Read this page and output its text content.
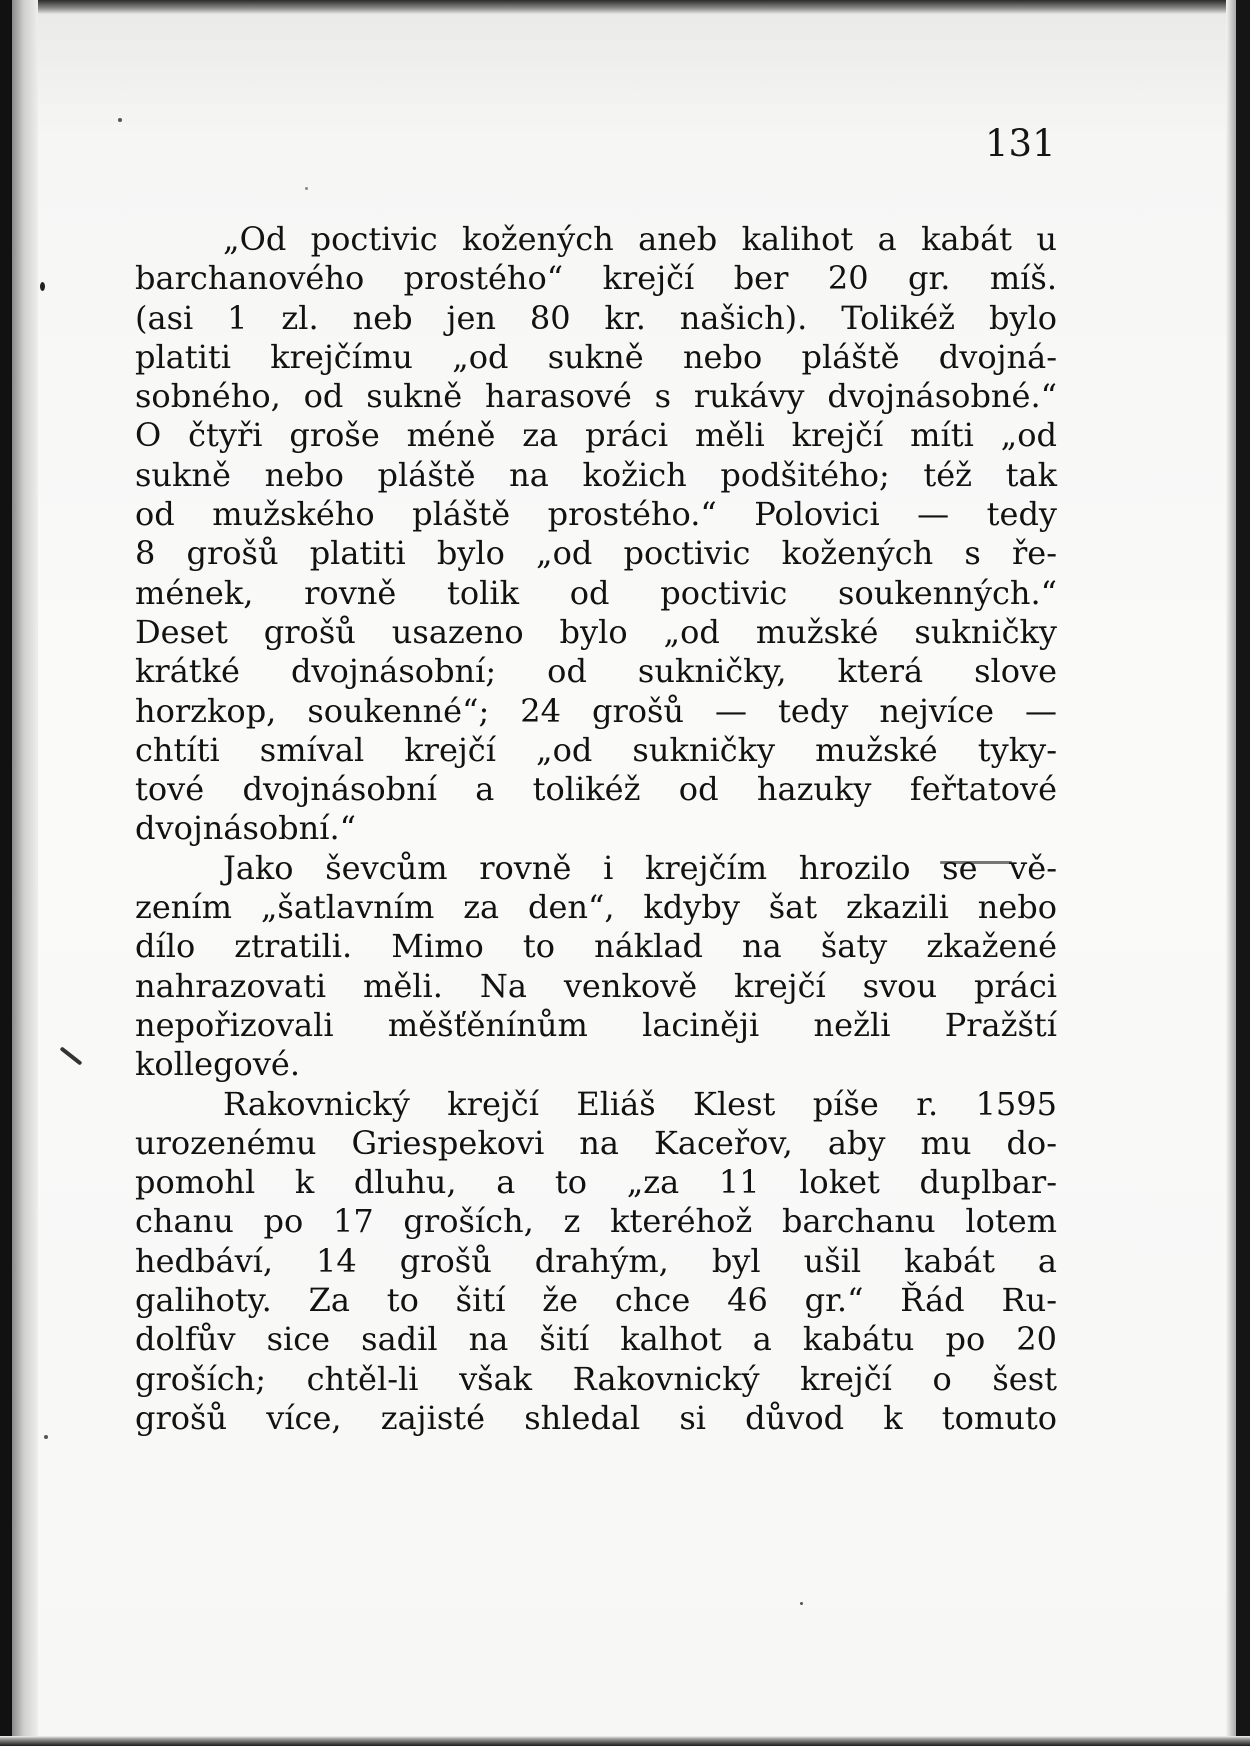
131
„Od poctivic kožených aneb kalihot a kabát u
barchanového prostého“ krejčí ber 20 gr. míš.
(asi 1 zl. neb jen 80 kr. našich). Tolikéž bylo
platiti krejčímu „od sukně nebo pláště dvojná-
sobného, od sukně harasové s rukávy dvojnásobné.“
O čtyři groše méně za práci měli krejčí míti „od
sukně nebo pláště na kožich podšitého; též tak
od mužského pláště prostého.“ Polovici — tedy
8 grošů platiti bylo „od poctivic kožených s ře-
mének, rovně tolik od poctivic soukenných.“
Deset grošů usazeno bylo „od mužské sukničky
krátké dvojnásobní; od sukničky, která slove
horzkop, soukenné“; 24 grošů — tedy nejvíce —
chtíti smíval krejčí „od sukničky mužské tyky-
tové dvojnásobní a tolikéž od hazuky feřtatové
dvojnásobní.“
Jako ševcům rovně i krejčím hrozilo se vě-
zením „šatlavním za den“, kdyby šat zkazili nebo
dílo ztratili. Mimo to náklad na šaty zkažené
nahrazovati měli. Na venkově krejčí svou práci
nepořizovali měšťěnínům laciněji nežli Pražští
kollegové.
Rakovnický krejčí Eliáš Klest píše r. 1595
urozenému Griespekovi na Kaceřov, aby mu do-
pomohl k dluhu, a to „za 11 loket duplbar-
chanu po 17 groších, z kteréhož barchanu lotem
hedbáví, 14 grošů drahým, byl ušil kabát a
galihoty. Za to šití že chce 46 gr.“ Řád Ru-
dolfův sice sadil na šití kalhot a kabátu po 20
groších; chtěl-li však Rakovnický krejčí o šest
grošů více, zajisté shledal si důvod k tomuto
